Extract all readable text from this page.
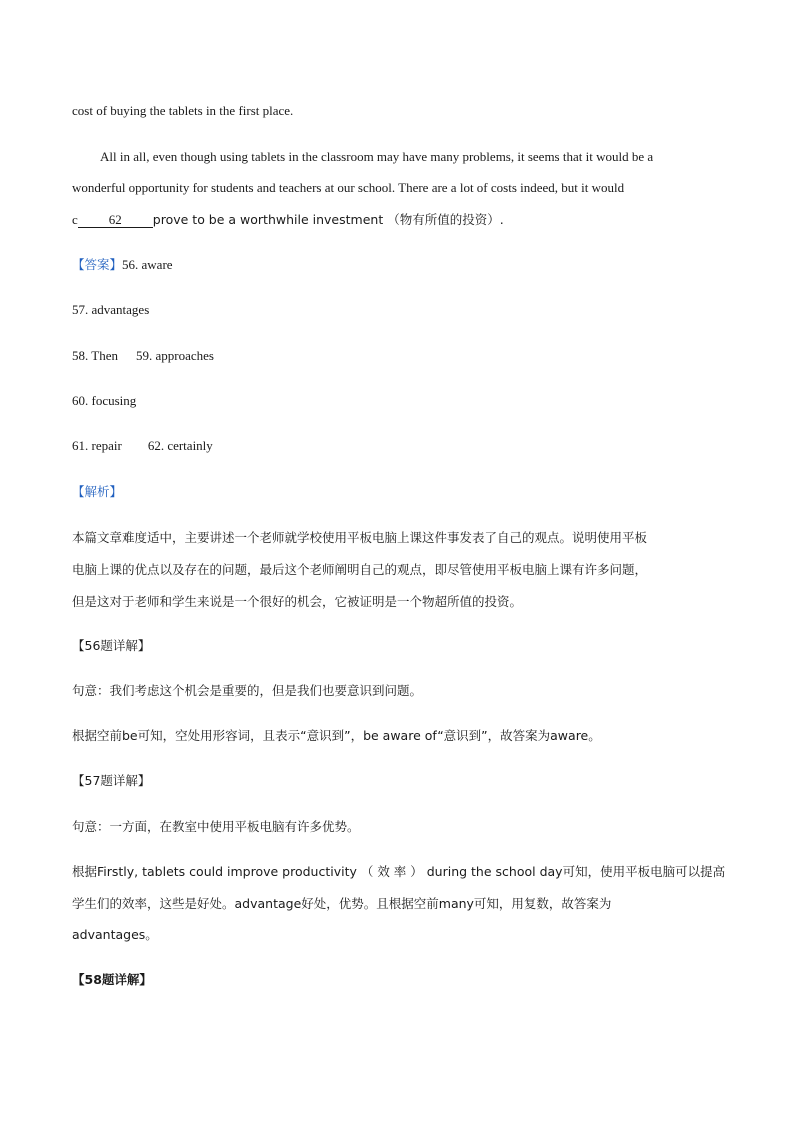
cost of buying the tablets in the first place.
All in all, even though using tablets in the classroom may have many problems, it seems that it would be a
wonderful opportunity for students and teachers at our school. There are a lot of costs indeed, but it would
c 62 prove to be a worthwhile investment （物有所值的投资）.
【答案】56. aware
57. advantages
58. Then 59. approaches
60. focusing
61. repair 62. certainly
【解析】
本篇文章难度适中，主要讲述一个老师就学校使用平板电脑上课这件事发表了自己的观点。说明使用平板
电脑上课的优点以及存在的问题，最后这个老师阐明自己的观点，即尽管使用平板电脑上课有许多问题，
但是这对于老师和学生来说是一个很好的机会，它被证明是一个物超所值的投资。
【56题详解】
句意：我们考虑这个机会是重要的，但是我们也要意识到问题。
根据空前be可知，空处用形容词，且表示“意识到”，be aware of“意识到”，故答案为aware。
【57题详解】
句意：一方面，在教室中使用平板电脑有许多优势。
根据Firstly, tablets could improve productivity （ 效 率 ） during the school day可知，使用平板电脑可以提高
学生们的效率，这些是好处。advantage好处，优势。且根据空前many可知，用复数，故答案为
advantages。
【58题详解】
